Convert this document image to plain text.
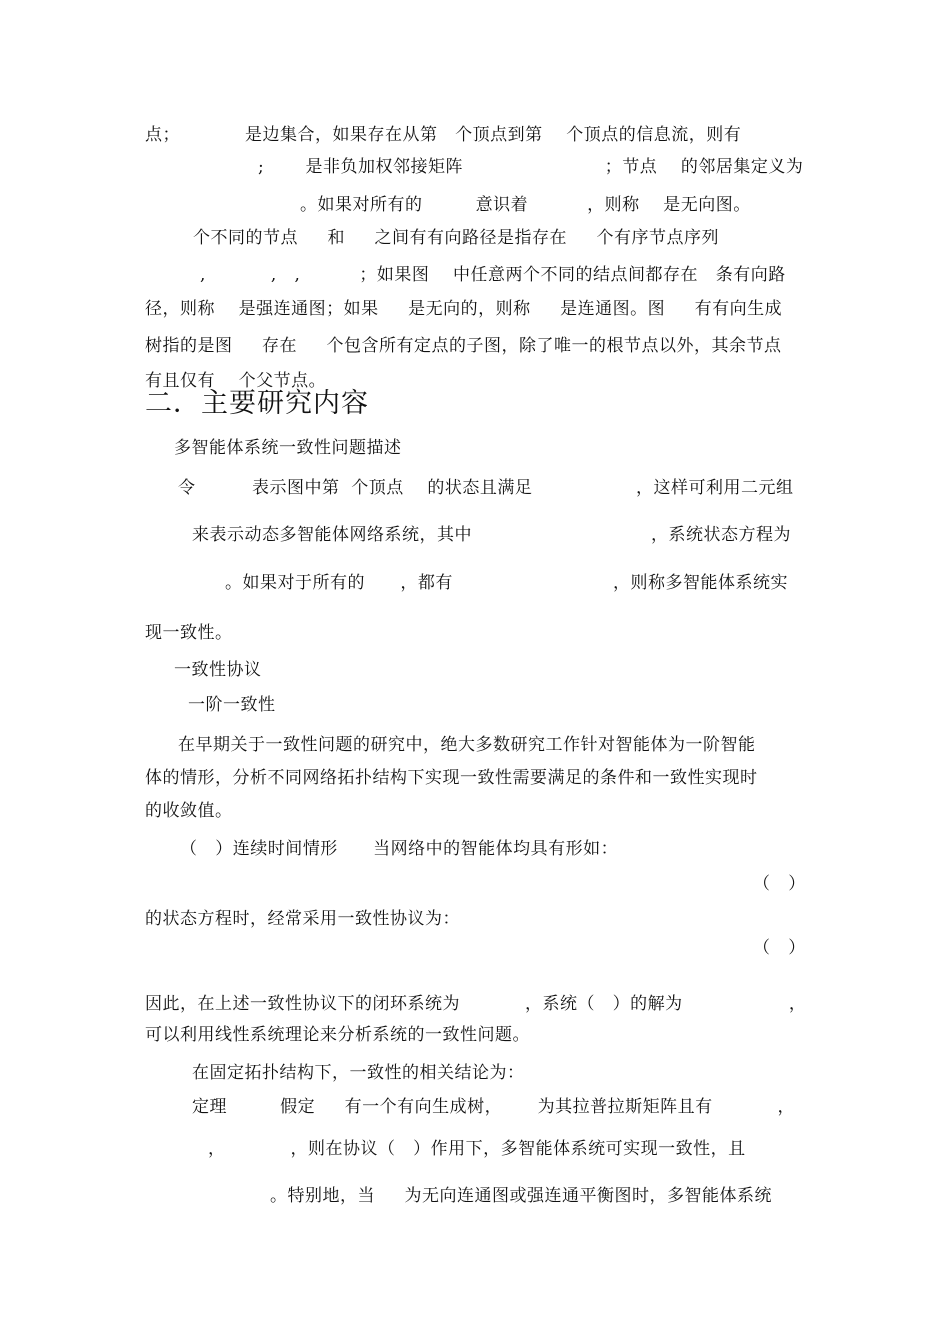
点；           是边集合，如果存在从第   个顶点到第    个顶点的信息流，则有
;       是非负加权邻接矩阵                        ；节点    的邻居集定义为
。如果对所有的         意识着          ，则称    是无向图。
个不同的节点     和     之间有有向路径是指存在     个有序节点序列
,           ,   ,          ；如果图    中任意两个不同的结点间都存在   条有向路
径，则称    是强连通图；如果     是无向的，则称     是连通图。图     有有向生成
树指的是图     存在     个包含所有定点的子图，除了唯一的根节点以外，其余节点
有且仅有    个父节点。
二．主要研究内容
多智能体系统一致性问题描述
令	表示图中第  个顶点    的状态且满足	，这样可利用二元组
来表示动态多智能体网络系统，其中	，系统状态方程为
。如果对于所有的      ，都有	，则称多智能体系统实
现一致性。
一致性协议
一阶一致性
在早期关于一致性问题的研究中，绝大多数研究工作针对智能体为一阶智能
体的情形，分析不同网络拓扑结构下实现一致性需要满足的条件和一致性实现时
的收敛值。
（   ）连续时间情形      当网络中的智能体均具有形如：
（   ）
的状态方程时，经常采用一致性协议为：
（   ）
因此，在上述一致性协议下的闭环系统为           ，系统（   ）的解为                  ，
可以利用线性系统理论来分析系统的一致性问题。
在固定拓扑结构下，一致性的相关结论为：
定理         假定     有一个有向生成树，      为其拉普拉斯矩阵且有           ，
，           ，则在协议（   ）作用下，多智能体系统可实现一致性，且
。特别地，当     为无向连通图或强连通平衡图时，多智能体系统
